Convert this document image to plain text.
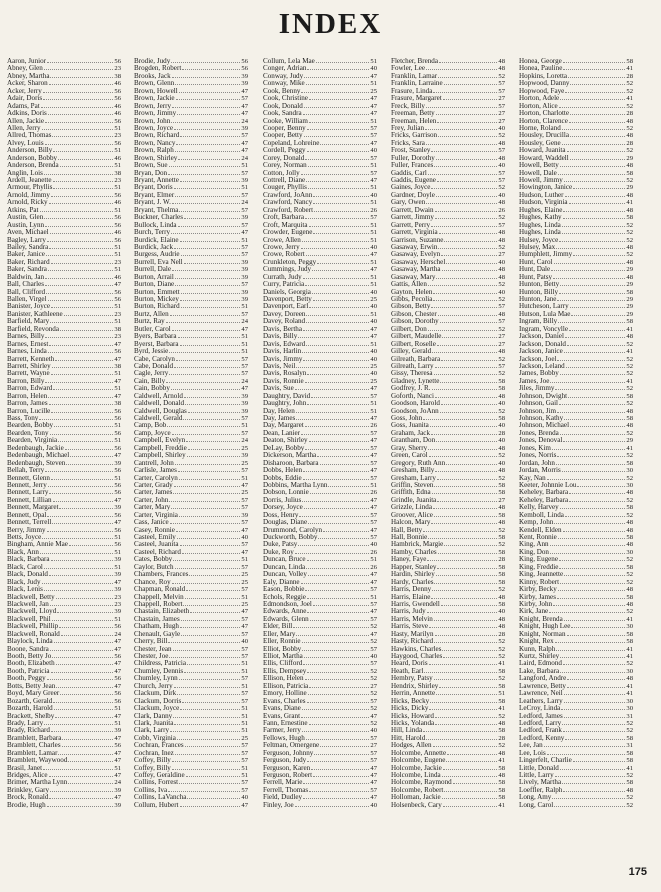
INDEX
Aaron, Junior	56
Abney, Glen	23
Abney, Martha	38
Acker, Sharon	46
Acker, Jerry	56
Adair, Doris	56
Adams, Pat	46
Adkins, Doris	46
Allen, Jackie	56
Allen, Jerry	51
Allred, Thomas	23
Alvey, Louis	56
Anderson, Billy	51
Anderson, Bobby	46
Anderson, Brenda	51
Anglin, Lois	38
Ardell, Jeanette	23
Armour, Phyllis	51
Arnold, Jimmy	56
Arnold, Ricky	46
Atkins, Pat	51
Austin, Glen	56
Austin, Lynn	56
Aven, Michael	46
Bagley, Larry	56
Bailey, Sandra	51
Baker, Janice	51
Baker, Richard	23
Baker, Sandra	51
Baldwin, Jan	46
Ball, Charles	47
Ball, Clifford	56
Ballen, Virgel	56
Banister, Joyce	51
Banister, Kathleene	23
Barfield, Mary	51
Barfield, Revonda	38
Barnes, Billy	23
Barnes, Ernest	47
Barnes, Linda	56
Barrett, Kenneth	47
Barrett, Shirley	38
Barrett, Wayne	51
Barron, Billy	47
Barron, Edward	51
Barron, Helen	47
Barron, James	38
Barron, Lucille	56
Bass, Tony	56
Bearden, Bobby	51
Bearden, Tony	56
Bearden, Virginia	51
Bedenbaugh, Jackie	56
Bedenbaugh, Michael	47
Bedenbaugh, Steven	39
Bellah, Terry	56
Bennett, Glenn	51
Bennett, Jerry	56
Bennett, Larry	56
Bennett, Lillian	47
Bennett, Margaret	39
Bennett, Opal	56
Bennett, Terrell	47
Berry, Jimmy	56
Betts, Joyce	51
Bingham, Annie Mae	56
Black, Ann	51
Black, Barbara	39
Black, Carol	51
Black, Donald	39
Black, Judy	47
Black, Lenis	39
Blackwell, Betty	23
Blackwell, Jan	23
Blackwell, Lloyd	39
Blackwell, Phil	51
Blackwell, Phillip	56
Blackwell, Ronald	24
Blaylock, Linda	47
Boone, Sandra	47
Booth, Betty Jo	56
Booth, Elizabeth	47
Booth, Patricia	47
Booth, Peggy	56
Botts, Betty Jean	47
Boyd, Mary Greer	56
Bozarth, Gerald	56
Bozarth, Harold	51
Brackett, Shelby	47
Brady, Larry	51
Brady, Richard	39
Bramblett, Barbara	47
Bramblett, Charles	56
Bramblett, Lamar	47
Bramblett, Waywood	47
Brasil, Janet	51
Bridges, Alice	47
Brimer, Martha Lynn	24
Brinkley, Gary	39
Brock, Ronald	47
Brodie, Hugh	39
Brodie, Judy	56
Brogden, Robert	56
Brooks, Jack	39
Brown, Glenn	39
Brown, Howell	47
Brown, Jackie	57
Brown, Jerry	47
Brown, Jimmy	47
Brown, John	24
Brown, Joyce	39
Brown, Richard	57
Brown, Nancy	47
Brown, Ralph	47
Brown, Shirley	24
Brown, Sue	51
Bryan, Don	57
Bryant, Annette	39
Bryant, Doris	51
Bryant, Elmer	57
Bryant, J. W.	24
Bryant, Thelma	57
Buckner, Charles	39
Bullock, Linda	57
Burch, Terry	47
Burdick, Elaine	51
Burdick, Jack	57
Burgess, Audrie	57
Burrell, Eva Nell	39
Burrell, Dale	39
Burton, Arrail	39
Burton, Diane	57
Burton, Emmett	39
Burton, Mickey	39
Burton, Richard	51
Burtz, Allen	57
Burtz, Ray	24
Butler, Carol	47
Byers, Barbara	51
Byerst, Barbara	51
Byrd, Jessie	51
Cabe, Carolyn	57
Cabe, Donald	57
Cagle, Jerry	57
Cain, Billy	24
Cain, Bobby	47
Caldwell, Arnold	39
Caldwell, Donald	39
Caldwell, Douglas	39
Caldwell, Gerald	57
Camp, Bob	51
Camp, Joyce	57
Campbell, Evelyn	24
Campbell, Freddie	25
Campbell, Shirley	39
Cantrell, John	25
Carlisle, James	57
Carter, Carolyn	51
Carter, Grady	47
Carter, James	25
Carter, John	57
Carter, Mary	57
Carter, Virginia	39
Cass, Janice	57
Casey, Ronnie	47
Casteel, Emily	40
Casteel, Juanita	57
Casteel, Richard	47
Cates, Bobby	51
Caylor, Butch	57
Chambers, Frances	25
Chance, Roy	25
Chapman, Ronald	57
Chappell, Melvin	51
Chappell, Robert	25
Chastain, Elizabeth	47
Chastain, James	57
Chatham, Hugh	47
Chenault, Gayle	57
Cherry, Bill	40
Chester, Jean	57
Chester, Joe	57
Childress, Patricia	51
Chumley, Dennis	51
Chumley, Lynn	57
Church, Jerry	51
Clackum, Dirk	57
Clackum, Dorris	57
Clackum, Joyce	51
Clark, Danny	51
Clark, Juanita	51
Clark, Larry	51
Cobb, Virginia	25
Cochran, Frances	57
Cochran, Inez	57
Coffey, Billy	57
Coffey, Billy	51
Coffey, Geraldine	51
Collins, Forrest	57
Collins, Iva	57
Collins, LaVancha	40
Collum, Hubert	47
Collum, Lela Mae	51
Conger, Adrian	40
Conway, Judy	47
Conway, Mike	51
Cook, Benny	25
Cook, Christine	47
Cook, Donald	47
Cook, Sandra	47
Cooke, William	51
Cooper, Benny	57
Cooper, Betty	57
Copeland, Lohreine	47
Cordell, Peggy	40
Corey, Donald	57
Corey, Norman	51
Cotton, Jolly	57
Cottrell, Diane	47
Couger, Phyllis	51
Crawford, JoAnn	40
Crawford, Nancy	51
Crawford, Robert	26
Croft, Barbara	57
Croft, Marquita	51
Crowder, Eugene	51
Crowe, Allen	51
Crowe, Jerry	40
Crowe, Robert	47
Crunkleton, Peggy	51
Cummings, Judy	47
Currath, Judy	51
Curry, Patricia	51
Daniels, Georgia	40
Davenport, Betty	25
Davenport, Earl	40
Davey, Doreen	51
Davey, Roland	40
Davis, Bertha	47
Davis, Billy	47
Davis, Edward	51
Davis, Harlin	40
Davis, Jimmy	40
Davis, Neil	25
Davis, Rosalyn	40
Davis, Ronnie	25
Davis, Sue	47
Daughtry, David	57
Daughtry, John	51
Day, Helen	51
Day, James	47
Day, Margaret	26
Dean, Lanier	57
Deaton, Shirley	47
DeLay, Bobby	57
Dickerson, Martha	47
Disharoon, Barbara	57
Dobbs, Helen	47
Dobbs, Eddie	57
Dobbins, Martha Lynn	51
Dobson, Lonnie	26
Dorris, Julius	47
Dorsey, Joyce	47
Doss, Henry	57
Douglas, Diane	57
Drummond, Carolyn	47
Duckworth, Bobby	57
Duke, Patsy	40
Duke, Roy	26
Duncan, Bruce	51
Duncan, Linda	26
Duncan, Volley	47
Ealy, Dianne	47
Eason, Bobbie	57
Echols, Reggie	51
Edmondson, Joel	57
Edwards, Anne	47
Edwards, Glenn	57
Elder, Bill	52
Eller, Mary	47
Eller, Ronnie	52
Elliot, Bobby	57
Elliot, Martha	40
Ellis, Clifford	57
Ellis, Dempsey	52
Ellison, Helen	52
Ellison, Patricia	27
Emory, Holline	52
Evans, Charles	57
Evans, Diane	52
Evans, Grant	47
Fann, Ernestine	52
Farmer, Jerry	40
Fellows, Hugh	57
Feltman, Omergene	27
Ferguson, Johnny	57
Ferguson, Judy	57
Ferguson, Karen	47
Ferguson, Robert	47
Ferrell, Marie	47
Ferrell, Thomas	57
Field, Dudley	47
Finley, Joe	40
Fletcher, Brenda	48
Fowler, Lee	48
Franklin, Lamar	52
Franklin, Larraine	57
Frasure, Linda	57
Frasure, Margaret	27
Freck, Billy	57
Freeman, Betty	27
Freeman, Helen	27
Frey, Julian	40
Fricks, Garrison	52
Fricks, Sara	48
Frost, Stanley	57
Fuller, Dorothy	48
Fuller, Frances	40
Gaddis, Carl	57
Gaddis, Eugene	57
Gaines, Joyce	52
Gardner, Doyle	40
Gary, Owen	48
Garrett, Dwain	26
Garrett, Jimmy	52
Garrett, Perry	57
Garrett, Virginia	48
Garrison, Suzanne	48
Gasaway, Erwin	52
Gasaway, Evelyn	27
Gasaway, Herschel	40
Gasaway, Martha	48
Gasaway, Mary	48
Gattis, Allen	52
Gayton, Helen	40
Gibbs, Pecolia	52
Gibson, Betty	57
Gibson, Chester	48
Gibson, Dorothy	57
Gilbert, Don	52
Gilbert, Maudelle	27
Gilbert, Roselle	27
Gilley, Gerald	48
Gilreath, Barbara	52
Gilreath, Larry	57
Gissy, Theresa	52
Gladney, Lynette	58
Godfrey, J. R.	58
Goforth, Nanci	48
Goodson, Harold	40
Goodson, JoAnn	52
Goss, John	58
Goss, Juanita	40
Graham, Jack	28
Grantham, Don	40
Gray, Sherry	48
Green, Carol	52
Gregory, Ruth Ann	40
Gresham, Billy	48
Gresham, Larry	52
Griffin, Steven	58
Griffith, Edna	58
Grindle, Juanita	27
Grizzle, Linda	48
Groover, Alice	58
Halcon, Mary	48
Hall, Betty	52
Hall, Bonnie	58
Hambrick, Margie	52
Hamby, Charles	58
Haney, Faye	28
Happer, Stanley	58
Hardin, Shirley	58
Hardy, Charles	58
Harris, Denny	52
Harris, Elaine	48
Harris, Gwendell	58
Harris, Judy	40
Harris, Melvin	48
Harris, Steve	48
Hasty, Marilyn	28
Hasty, Richard	52
Hawkins, Charles	52
Haygood, Charles	52
Heard, Doris	41
Heath, Earl	58
Hembry, Patsy	52
Hendrix, Shirley	58
Herrin, Annette	51
Hicks, Becky	58
Hicks, Dicky	41
Hicks, Howard	52
Hicks, Yolanda	48
Hill, Linda	58
Hitt, Harold	28
Hodges, Allen	52
Holcombe, Annette	48
Holcombe, Eugene	41
Holcombe, Jackie	58
Holcombe, Linda	48
Holcombe, Raymond	58
Holcombe, Robert	58
Holloman, Jackie	58
Holsenbeck, Cary	41
Honea, George	58
Honea, Pauline	41
Hopkins, Loretta	28
Hopwood, Danny	52
Hopwood, Faye	52
Horton, Adele	41
Horton, Alice	52
Horton, Charlotte	28
Horton, Clarence	48
Horne, Roland	52
Housley, Drucilla	48
Housley, Gene	28
Howard, Juanita	52
Howard, Waddell	29
Howell, Betty	48
Howell, Dale	58
Howell, Jimmy	52
Howington, Janice	29
Hudson, Luther	48
Hudson, Virginia	41
Hughes, Elaine	48
Hughes, Kathy	58
Hughes, Linda	52
Hughes, Linda	52
Hulsey, Joyce	52
Hulsey, Max	48
Humphlett, Jimmy	52
Hunt, Carol	48
Hunt, Dale	29
Hunt, Patsy	48
Hunton, Betty	29
Hunton, Billy	58
Hunton, Jane	29
Hutcheson, Larry	29
Hutson, Lula Mae	29
Ingram, Billy	58
Ingram, Voncylle	41
Jackson, Daniel	48
Jackson, Donald	52
Jackson, Janice	41
Jackson, Joel	52
Jackson, Leland	52
James, Bobby	52
James, Joe	41
Jiles, Jimmy	52
Johnson, Dwight	58
Johnson, Gail	52
Johnson, Jim	48
Johnson, Kathy	58
Johnson, Michael	48
Jones, Brenda	52
Jones, Denoval	29
Jones, Kim	41
Jones, Norris	52
Jordan, John	58
Jordan, Morris	30
Kay, Nan	52
Keeter, Johnnie Lou	30
Keheley, Barbara	48
Keheley, Barbara	52
Kelly, Harvey	58
Kemboll, Linda	52
Kemp, John	48
Kendell, Elden	48
Kent, Ronnie	58
King, Ann	48
King, Don	30
King, Eugene	52
King, Freddie	58
King, Jeannette	52
Kinny, Robert	52
Kirby, Becky	48
Kirby, James	58
Kirby, John	48
Kirk, Jane	52
Knight, Brenda	41
Knight, Hugh Lee	30
Knight, Norman	58
Knight, Rex	58
Kunn, Ralph	41
Kurtz, Shirley	41
Laird, Edmond	52
Lake, Barbara	30
Langford, Andre	48
Lawrence, Betty	41
Lawrence, Neil	41
Leathers, Larry	30
LeCroy, Linda	30
Ledford, James	31
Ledford, Larry	52
Ledford, Frank	52
Ledford, Kenny	58
Lee, Jan	31
Lee, Lois	58
Lingerfelt, Charlie	58
Little, Donald	41
Little, Larry	52
Lively, Martha	58
Loeffler, Ralph	48
Long, Amy	52
Long, Carol	52
175
